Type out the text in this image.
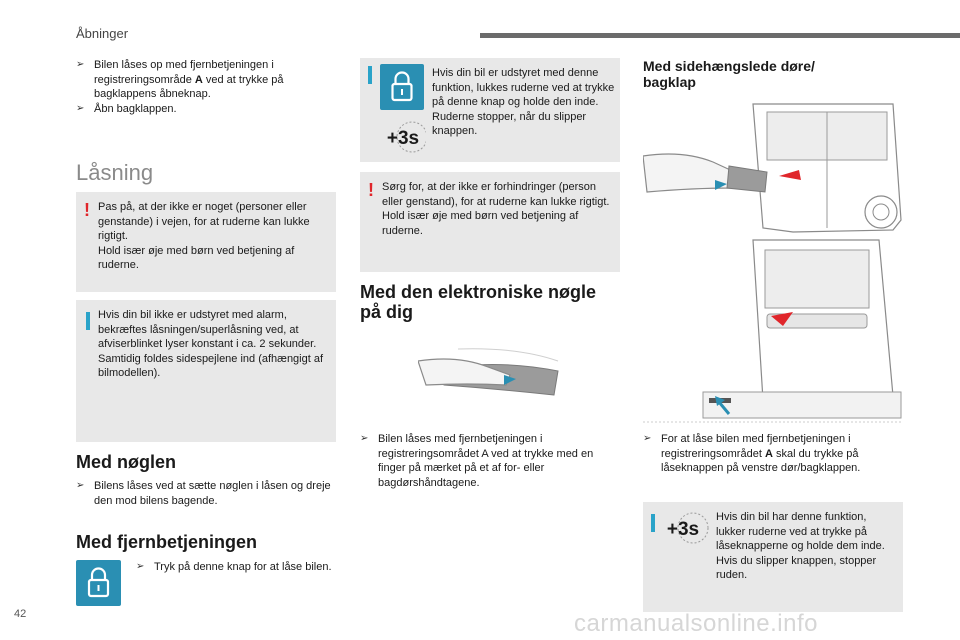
Åbninger
➢ Bilen låses op med fjernbetjeningen i registreringsområde A ved at trykke på bagklappens åbneknap.
➢ Åbn bagklappen.
Låsning
! Pas på, at der ikke er noget (personer eller genstande) i vejen, for at ruderne kan lukke rigtigt.
Hold især øje med børn ved betjening af ruderne.
Hvis din bil ikke er udstyret med alarm, bekræftes låsningen/superlåsning ved, at afviserblinket lyser konstant i ca. 2 sekunder.
Samtidig foldes sidespejlene ind (afhængigt af bilmodellen).
Med nøglen
➢ Bilens låses ved at sætte nøglen i låsen og dreje den mod bilens bagende.
Med fjernbetjeningen
➢ Tryk på denne knap for at låse bilen.
+3s
Hvis din bil er udstyret med denne funktion, lukkes ruderne ved at trykke på denne knap og holde den inde. Ruderne stopper, når du slipper knappen.
! Sørg for, at der ikke er forhindringer (person eller genstand), for at ruderne kan lukke rigtigt.
Hold især øje med børn ved betjening af ruderne.
Med den elektroniske nøgle på dig
➢ Bilen låses med fjernbetjeningen i registreringsområdet A ved at trykke med en finger på mærket på et af for- eller bagdørshåndtagene.
Med sidehængslede døre/ bagklap
➢ For at låse bilen med fjernbetjeningen i registreringsområdet A skal du trykke på låseknappen på venstre dør/bagklappen.
+3s
Hvis din bil har denne funktion, lukker ruderne ved at trykke på låseknapperne og holde dem inde. Hvis du slipper knappen, stopper ruden.
42	carmanualsonline.info
